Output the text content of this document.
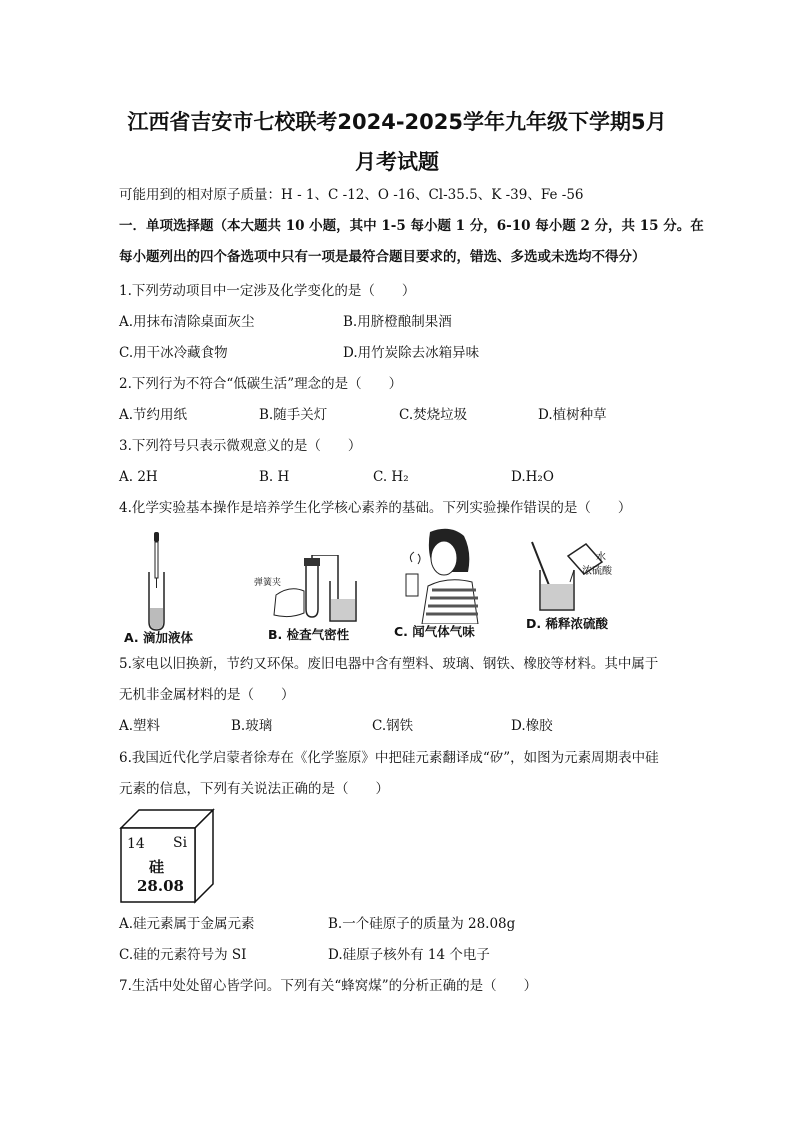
江西省吉安市七校联考2024-2025学年九年级下学期5月
月考试题
可能用到的相对原子质量：H - 1、C -12、O -16、Cl-35.5、K -39、Fe -56
一．单项选择题（本大题共 10 小题，其中 1-5 每小题 1 分，6-10 每小题 2 分，共 15 分。在
每小题列出的四个备选项中只有一项是最符合题目要求的，错选、多选或未选均不得分）
1.下列劳动项目中一定涉及化学变化的是（　　）
A.用抹布清除桌面灰尘	B.用脐橙酿制果酒
C.用干冰冷藏食物	D.用竹炭除去冰箱异味
2.下列行为不符合“低碳生活”理念的是（　　）
A.节约用纸	B.随手关灯	C.焚烧垃圾	D.植树种草
3.下列符号只表示微观意义的是（　　）
A. 2H	B. H	C. H₂	D.H₂O
4.化学实验基本操作是培养学生化学核心素养的基础。下列实验操作错误的是（　　）
A. 滴加液体
弹簧夹
B. 检查气密性	C. 闻气体气味
水
浓硫酸
D. 稀释浓硫酸
5.家电以旧换新，节约又环保。废旧电器中含有塑料、玻璃、钢铁、橡胶等材料。其中属于
无机非金属材料的是（　　）
A.塑料	B.玻璃	C.钢铁	D.橡胶
6.我国近代化学启蒙者徐寿在《化学鉴原》中把硅元素翻译成“矽”，如图为元素周期表中硅
元素的信息，下列有关说法正确的是（　　）
14 Si
硅
28.08
A.硅元素属于金属元素	B.一个硅原子的质量为 28.08g
C.硅的元素符号为 SI	D.硅原子核外有 14 个电子
7.生活中处处留心皆学问。下列有关“蜂窝煤”的分析正确的是（　　）
